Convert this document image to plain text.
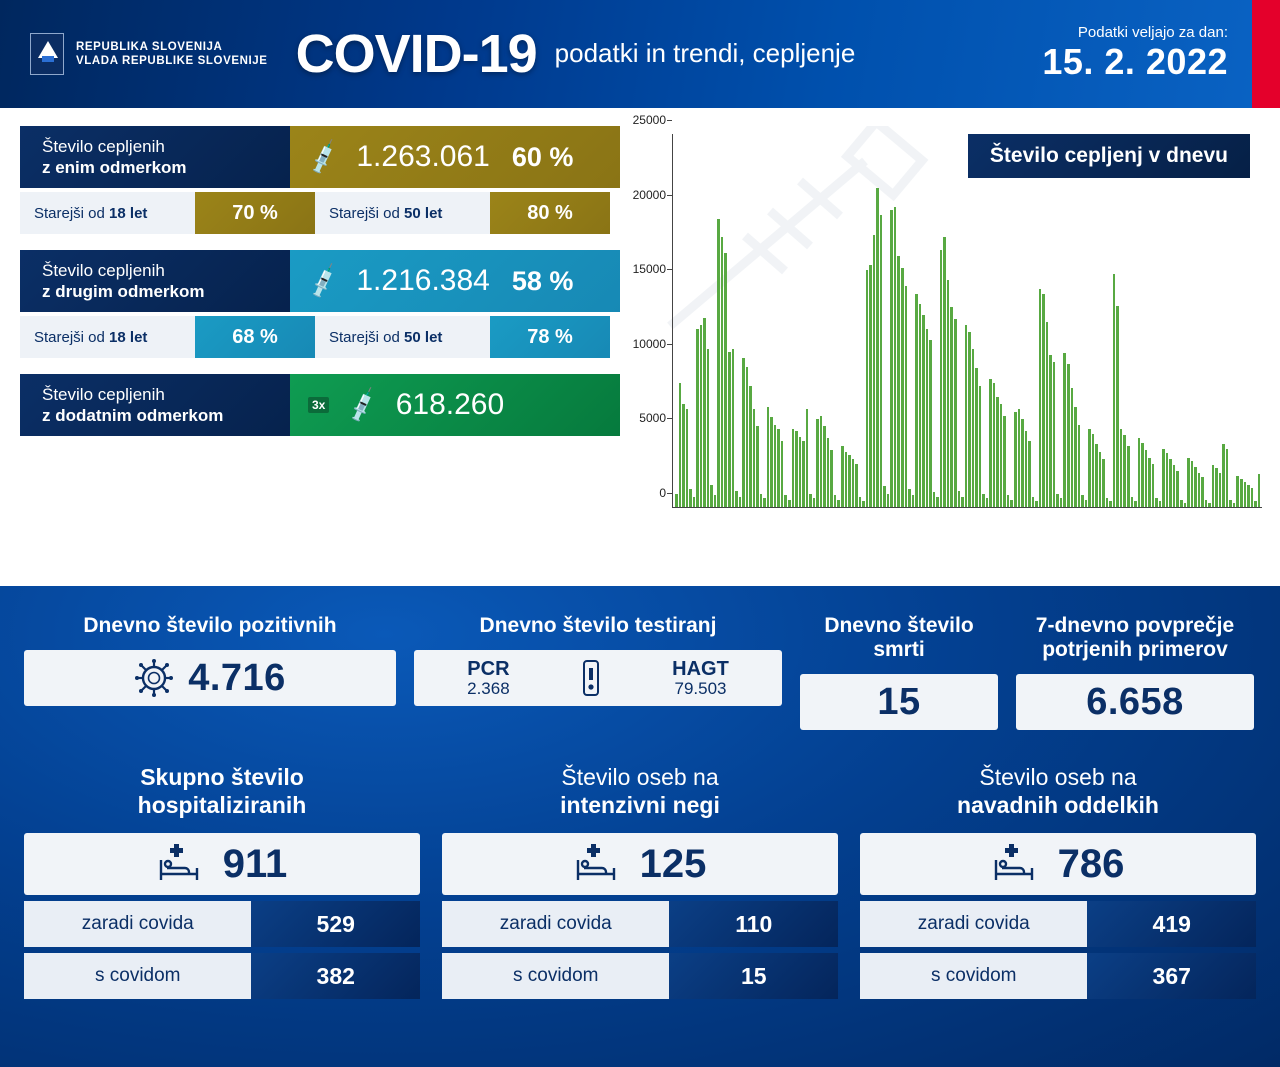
REPUBLIKA SLOVENIJA
VLADA REPUBLIKE SLOVENIJE COVID-19 podatki in trendi, cepljenje
Podatki veljajo za dan:
15. 2. 2022
Število cepljenih
z enim odmerkom	💉 1.263.061 60 %
Starejši od
18 let	70 %	Starejši od
50 let	80 %
Število cepljenih
z drugim odmerkom	💉 1.216.384 58 %
Starejši od
18 let	68 %	Starejši od
50 let	78 %
Število cepljenih
z dodatnim odmerkom
3x 💉 618.260
Število cepljenj v dnevu
0
5000
10000
15000
20000
25000
Dnevno število pozitivnih
4.716
Dnevno število testiranj
PCR
2.368
HAGT
79.503
Dnevno število smrti
15
7-dnevno povprečje potrjenih primerov
6.658
Skupno število
hospitaliziranih
911
zaradi covida	529
s covidom	382
Število oseb na
intenzivni negi
125
zaradi covida	110
s covidom	15
Število oseb na
navadnih oddelkih
786
zaradi covida	419
s covidom	367
